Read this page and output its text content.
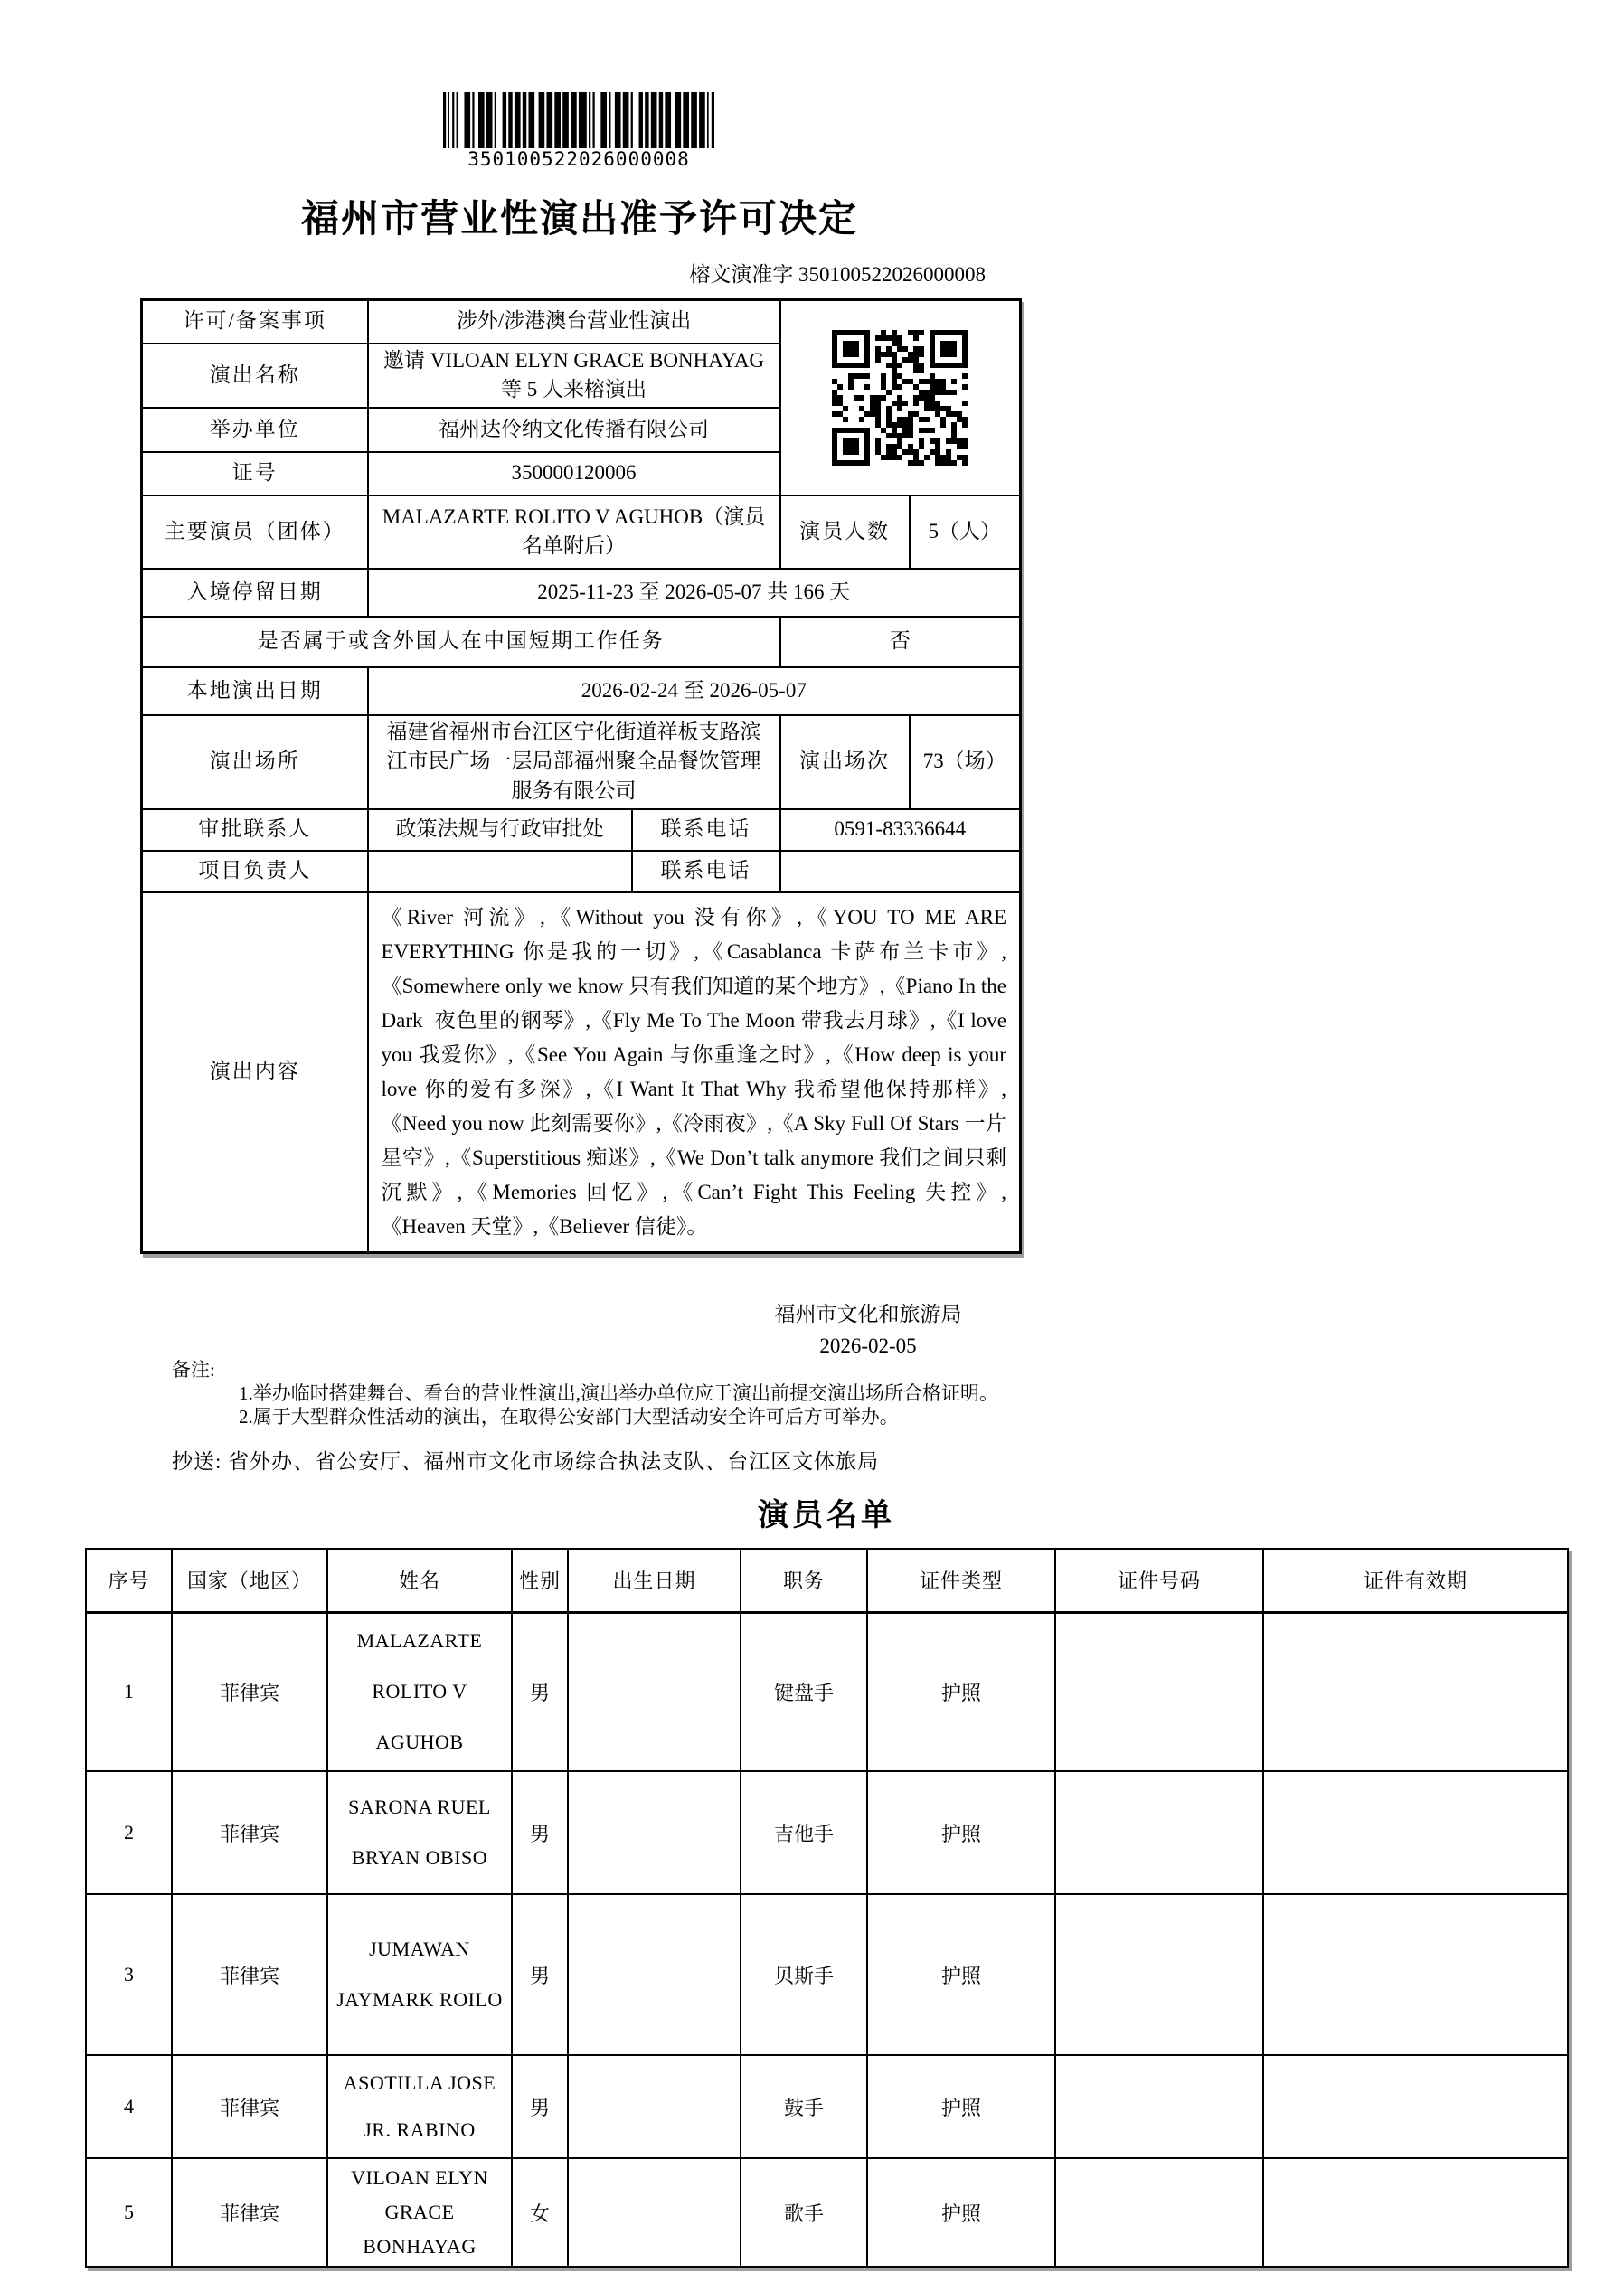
350100522026000008
福州市营业性演出准予许可决定
榕文演准字 350100522026000008
许可/备案事项	涉外/涉港澳台营业性演出	

演出名称	邀请 VILOAN ELYN GRACE BONHAYAG 等 5 人来榕演出			
举办单位	福州达伶纳文化传播有限公司			
证号	350000120006			
主要演员（团体）	MALAZARTE ROLITO V AGUHOB（演员名单附后）		演员人数	5（人）
入境停留日期	2025-11-23 至 2026-05-07 共 166 天			
是否属于或含外国人在中国短期工作任务			否	
本地演出日期	2026-02-24 至 2026-05-07			
演出场所	福建省福州市台江区宁化街道祥板支路滨江市民广场一层局部福州聚全品餐饮管理服务有限公司		演出场次	73（场）
审批联系人	政策法规与行政审批处	联系电话	0591-83336644	
项目负责人		联系电话		
演出内容	《River 河流》,《Without you 没有你》,《YOU TO ME ARE EVERYTHING 你是我的一切》,《Casablanca 卡萨布兰卡市》,《Somewhere only we know 只有我们知道的某个地方》,《Piano In the Dark  夜色里的钢琴》,《Fly Me To The Moon 带我去月球》,《I love you 我爱你》,《See You Again 与你重逢之时》,《How deep is your love 你的爱有多深》,《I Want It That Why 我希望他保持那样》,《Need you now 此刻需要你》,《冷雨夜》,《A Sky Full Of Stars 一片星空》,《Superstitious 痴迷》,《We Don’t talk anymore 我们之间只剩沉默》,《Memories 回忆》,《Can’t Fight This Feeling 失控》,《Heaven 天堂》,《Believer 信徒》。			
福州市文化和旅游局
2026-02-05
备注:
1.举办临时搭建舞台、看台的营业性演出,演出举办单位应于演出前提交演出场所合格证明。
2.属于大型群众性活动的演出，在取得公安部门大型活动安全许可后方可举办。
抄送: 省外办、省公安厅、福州市文化市场综合执法支队、台江区文体旅局
演员名单
序号	国家（地区）	姓名	性别	出生日期	职务	证件类型	证件号码	证件有效期
1	菲律宾	MALAZARTE ROLITO V AGUHOB	男		键盘手	护照		
2	菲律宾	SARONA RUEL BRYAN OBISO	男		吉他手	护照		
3	菲律宾	JUMAWAN JAYMARK ROILO	男		贝斯手	护照		
4	菲律宾	ASOTILLA JOSE JR. RABINO	男		鼓手	护照		
5	菲律宾	VILOAN ELYN GRACE BONHAYAG	女		歌手	护照		
